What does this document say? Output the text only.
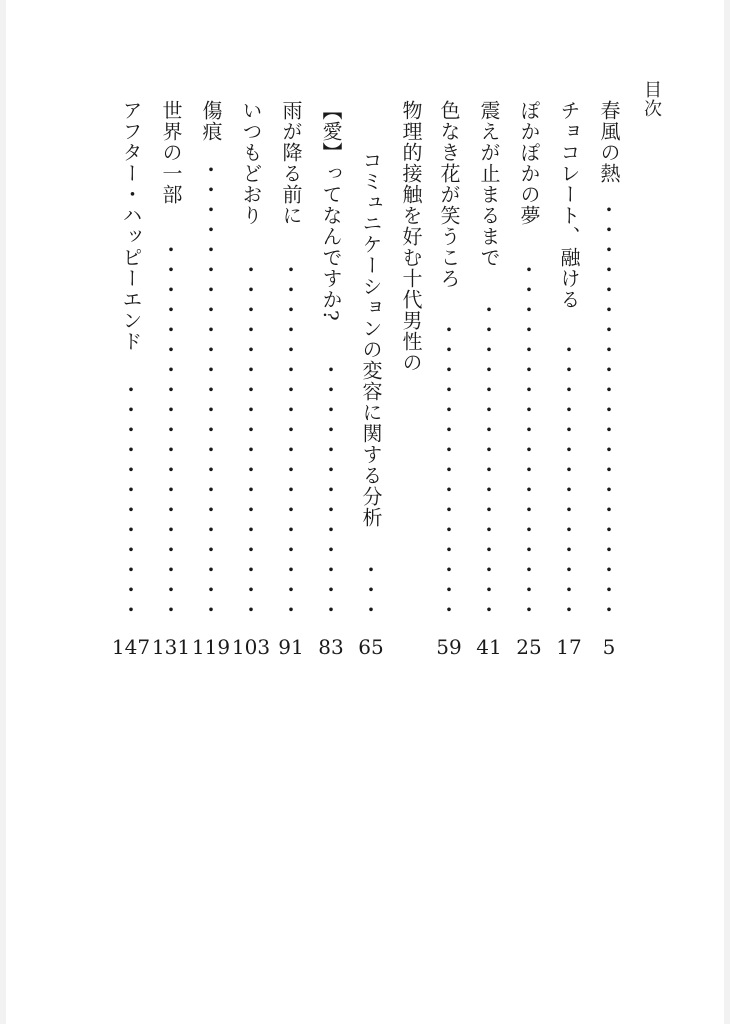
目次
春風の熱
・
・
・
・
・
・
・
・
・
・
・
・
・
・
・
・
・
・
・
・
・
5
チョコレート、融ける
・
・
・
・
・
・
・
・
・
・
・
・
・
・
17
ぽかぽかの夢
・
・
・
・
・
・
・
・
・
・
・
・
・
・
・
・
・
・
25
震えが止まるまで
・
・
・
・
・
・
・
・
・
・
・
・
・
・
・
・
41
色なき花が笑うころ
・
・
・
・
・
・
・
・
・
・
・
・
・
・
・
59
物理的接触を好む十代男性の
コミュニケーションの変容に関する分析
・
・
・
65
【愛】ってなんですか?
・
・
・
・
・
・
・
・
・
・
・
・
・
83
雨が降る前に
・
・
・
・
・
・
・
・
・
・
・
・
・
・
・
・
・
・
91
いつもどおり
・
・
・
・
・
・
・
・
・
・
・
・
・
・
・
・
・
・
103
傷痕
・
・
・
・
・
・
・
・
・
・
・
・
・
・
・
・
・
・
・
・
・
・
・
119
世界の一部
・
・
・
・
・
・
・
・
・
・
・
・
・
・
・
・
・
・
・
131
アフター・ハッピーエンド
・
・
・
・
・
・
・
・
・
・
・
・
147
